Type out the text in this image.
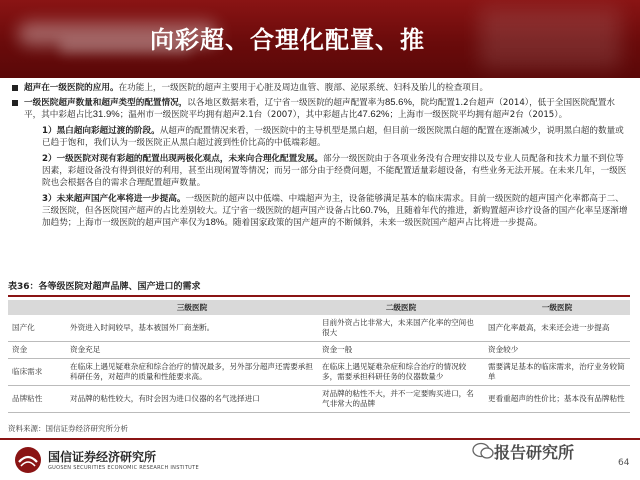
向彩超、合理化配置、推
超声在一级医院的应用。在功能上，一级医院的超声主要用于心脏及周边血管、腹部、泌尿系统、妇科及胎儿的检查项目。
一级医院超声数量和超声类型的配置情况，以各地区数据来看，辽宁省一级医院的超声配置率为85.6%，院均配置1.2台超声（2014），低于全国医院配置水平，其中彩超占比31.9%；温州市一级医院平均拥有超声2.1台（2007），其中彩超占比47.62%；上海市一级医院平均拥有超声2台（2015）。
1）黑白超向彩超过渡的阶段。从超声的配置情况来看，一级医院中的主导机型是黑白超，但目前一级医院黑白超的配置在逐渐减少，说明黑白超的数量或已趋于饱和，我们认为一级医院正从黑白超过渡到性价比高的中低端彩超。
2）一级医院对现有彩超的配置出现两极化观点，未来向合理化配置发展。部分一级医院由于各项业务没有合理安排以及专业人员配备和技术力量不到位等因素，彩超设备没有得到很好的利用，甚至出现闲置等情况；而另一部分由于经费问题，不能配置适量彩超设备，有些业务无法开展。在未来几年，一级医院也会根据各自的需求合理配置超声数量。
3）未来超声国产化率将进一步提高。一级医院的超声以中低端、中端超声为主，设备能够满足基本的临床需求。目前一级医院的超声国产化率都高于二、三级医院，但各医院国产超声的占比差别较大。辽宁省一级医院的超声国产设备占比60.7%，且随着年代的推进，新购置超声诊疗设备的国产化率呈逐渐增加趋势；上海市一级医院的超声国产率仅为18%。随着国家政策的国产超声的不断倾斜，未来一级医院国产超声占比将进一步提高。
表36：各等级医院对超声品牌、国产进口的需求
	三级医院	二级医院	一级医院
国产化	外资进入时间较早，基本被国外厂商垄断。	目前外资占比非常大，未来国产化率的空间也很大	国产化率最高，未来还会进一步提高
资金	资金充足	资金一般	资金较少
临床需求	在临床上遇见疑难杂症和综合治疗的情况最多，另外部分超声还需要承担科研任务，对超声的质量和性能要求高。	在临床上遇见疑难杂症和综合治疗的情况较多，需要承担科研任务的仪器数量少	需要满足基本的临床需求，治疗业务较简单
品牌粘性	对品牌的粘性较大，有时会因为进口仪器的名气选择进口	对品牌的粘性不大，并不一定要购买进口，名气非常大的品牌	更看重超声的性价比；基本没有品牌粘性
资料来源：国信证券经济研究所分析
国信证券经济研究所
GUOSEN SECURITIES ECONOMIC RESEARCH INSTITUTE
报告研究所
64
